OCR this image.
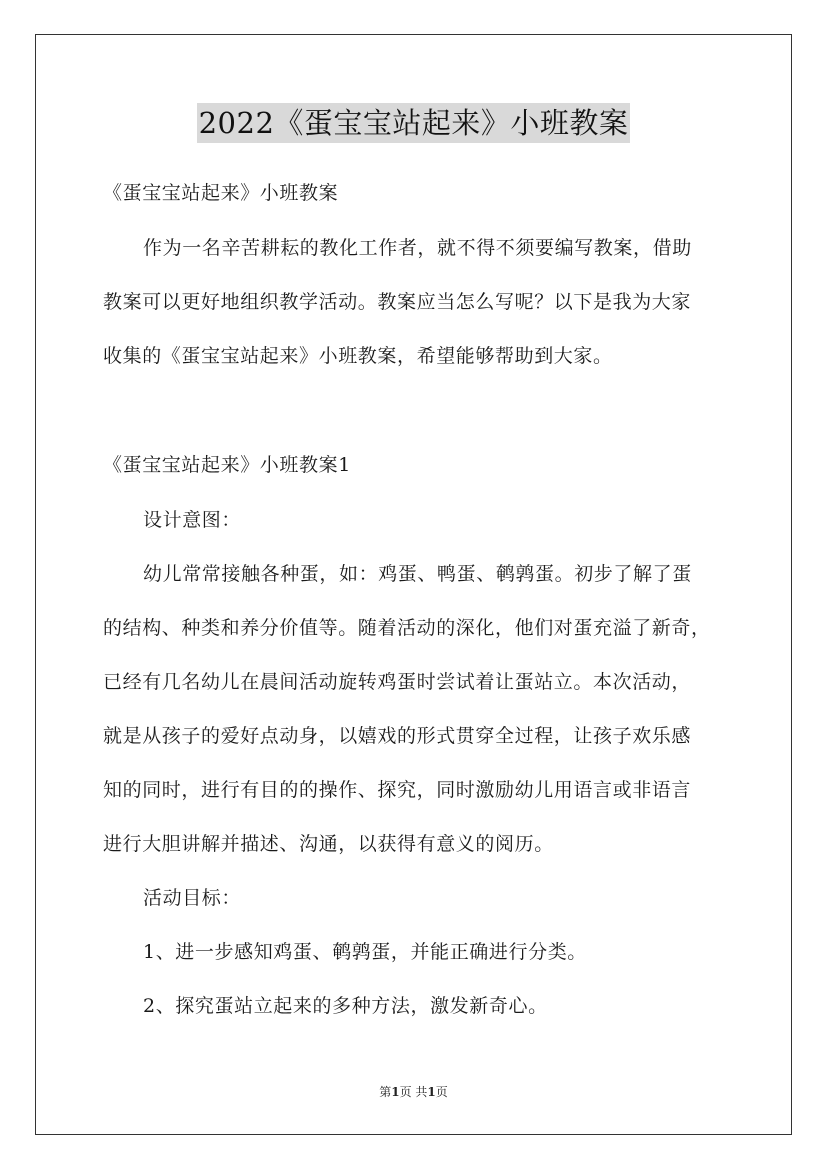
2022《蛋宝宝站起来》小班教案
《蛋宝宝站起来》小班教案
作为一名辛苦耕耘的教化工作者，就不得不须要编写教案，借助
教案可以更好地组织教学活动。教案应当怎么写呢？以下是我为大家
收集的《蛋宝宝站起来》小班教案，希望能够帮助到大家。
《蛋宝宝站起来》小班教案1
设计意图：
幼儿常常接触各种蛋，如：鸡蛋、鸭蛋、鹌鹑蛋。初步了解了蛋
的结构、种类和养分价值等。随着活动的深化，他们对蛋充溢了新奇，
已经有几名幼儿在晨间活动旋转鸡蛋时尝试着让蛋站立。本次活动，
就是从孩子的爱好点动身，以嬉戏的形式贯穿全过程，让孩子欢乐感
知的同时，进行有目的的操作、探究，同时激励幼儿用语言或非语言
进行大胆讲解并描述、沟通，以获得有意义的阅历。
活动目标：
1、进一步感知鸡蛋、鹌鹑蛋，并能正确进行分类。
2、探究蛋站立起来的多种方法，激发新奇心。
第1页 共1页
